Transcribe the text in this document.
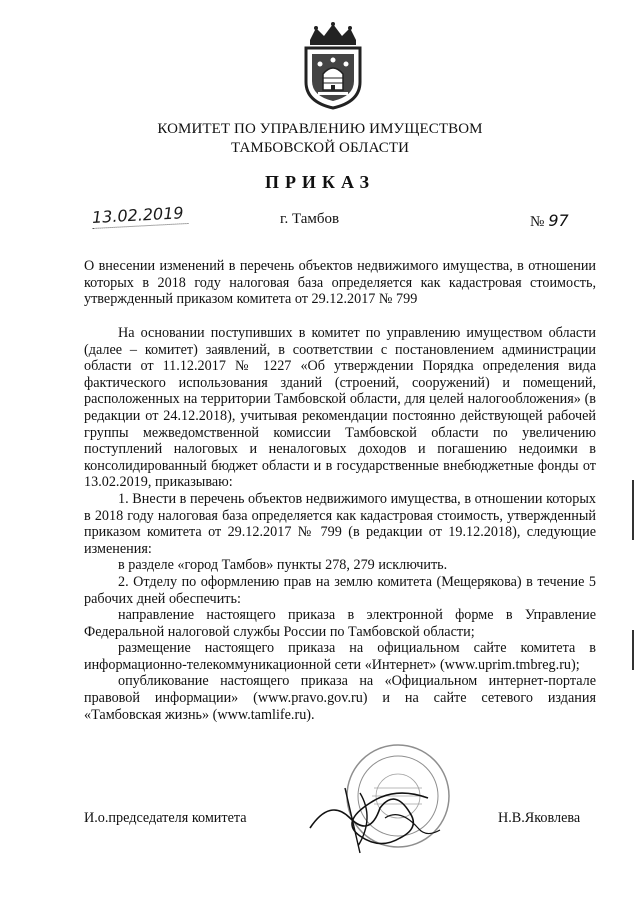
КОМИТЕТ ПО УПРАВЛЕНИЮ ИМУЩЕСТВОМ
ТАМБОВСКОЙ ОБЛАСТИ
ПРИКАЗ
13.02.2019	г. Тамбов	№ 97
О внесении изменений в перечень объектов недвижимого имущества, в отношении которых в 2018 году налоговая база определяется как кадастровая стоимость, утвержденный приказом комитета от 29.12.2017 № 799

На основании поступивших в комитет по управлению имуществом области (далее – комитет) заявлений, в соответствии с постановлением администрации области от 11.12.2017 № 1227 «Об утверждении Порядка определения вида фактического использования зданий (строений, сооружений) и помещений, расположенных на территории Тамбовской области, для целей налогообложения» (в редакции от 24.12.2018), учитывая рекомендации постоянно действующей рабочей группы межведомственной комиссии Тамбовской области по увеличению поступлений налоговых и неналоговых доходов и погашению недоимки в консолидированный бюджет области и в государственные внебюджетные фонды от 13.02.2019, приказываю:

1. Внести в перечень объектов недвижимого имущества, в отношении которых в 2018 году налоговая база определяется как кадастровая стоимость, утвержденный приказом комитета от 29.12.2017 № 799 (в редакции от 19.12.2018), следующие изменения:

в разделе «город Тамбов» пункты 278, 279 исключить.

2. Отделу по оформлению прав на землю комитета (Мещерякова) в течение 5 рабочих дней обеспечить:

направление настоящего приказа в электронной форме в Управление Федеральной налоговой службы России по Тамбовской области;

размещение настоящего приказа на официальном сайте комитета в информационно-телекоммуникационной сети «Интернет» (www.uprim.tmbreg.ru);

опубликование настоящего приказа на «Официальном интернет-портале правовой информации» (www.pravo.gov.ru) и на сайте сетевого издания «Тамбовская жизнь» (www.tamlife.ru).

И.о.председателя комитета	Н.В.Яковлева
